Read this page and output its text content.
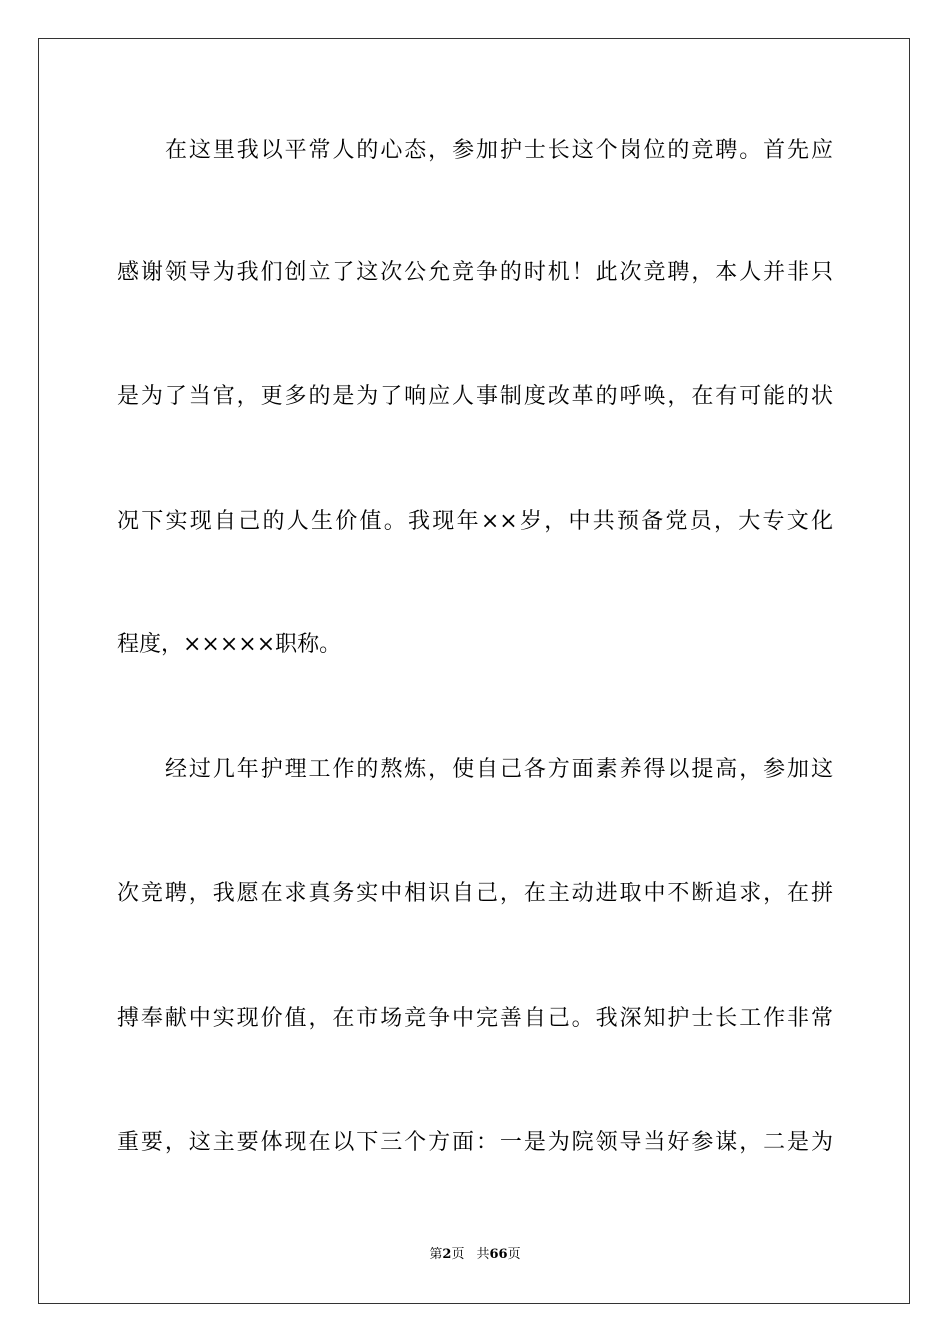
在这里我以平常人的心态，参加护士长这个岗位的竞聘。首先应
感谢领导为我们创立了这次公允竞争的时机！此次竞聘，本人并非只
是为了当官，更多的是为了响应人事制度改革的呼唤，在有可能的状
况下实现自己的人生价值。我现年××岁，中共预备党员，大专文化
程度，×××××职称。
经过几年护理工作的熬炼，使自己各方面素养得以提高，参加这
次竞聘，我愿在求真务实中相识自己，在主动进取中不断追求，在拼
搏奉献中实现价值，在市场竞争中完善自己。我深知护士长工作非常
重要，这主要体现在以下三个方面：一是为院领导当好参谋，二是为
第2页 共66页
